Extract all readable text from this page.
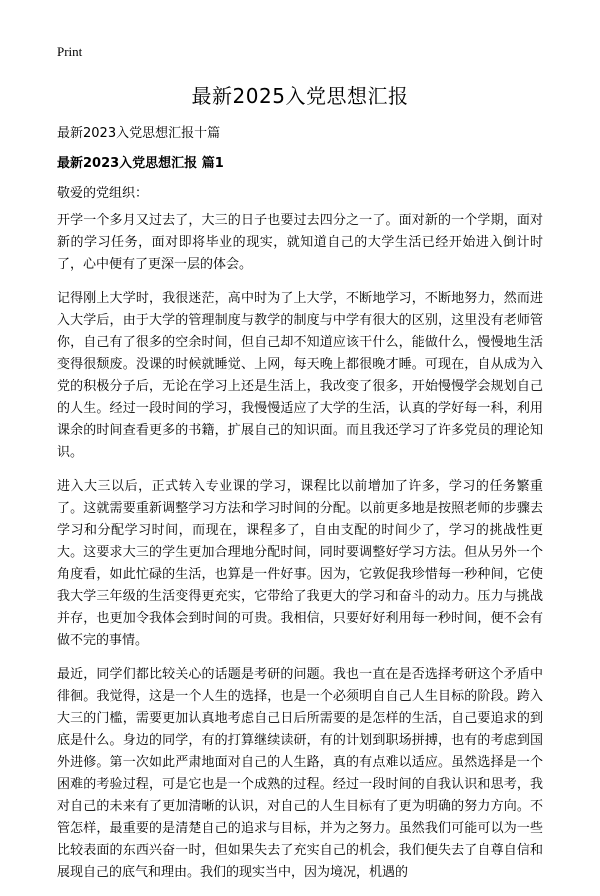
Print
最新2025入党思想汇报
最新2023入党思想汇报十篇
最新2023入党思想汇报 篇1
敬爱的党组织：

开学一个多月又过去了，大三的日子也要过去四分之一了。面对新的一个学期，面对新的学习任务，面对即将毕业的现实，就知道自己的大学生活已经开始进入倒计时了，心中便有了更深一层的体会。

记得刚上大学时，我很迷茫，高中时为了上大学，不断地学习，不断地努力，然而进入大学后，由于大学的管理制度与教学的制度与中学有很大的区别，这里没有老师管你，自己有了很多的空余时间，但自己却不知道应该干什么，能做什么，慢慢地生活变得很颓废。没课的时候就睡觉、上网，每天晚上都很晚才睡。可现在，自从成为入党的积极分子后，无论在学习上还是生活上，我改变了很多，开始慢慢学会规划自己的人生。经过一段时间的学习，我慢慢适应了大学的生活，认真的学好每一科，利用课余的时间查看更多的书籍，扩展自己的知识面。而且我还学习了许多党员的理论知识。

进入大三以后，正式转入专业课的学习，课程比以前增加了许多，学习的任务繁重了。这就需要重新调整学习方法和学习时间的分配。以前更多地是按照老师的步骤去学习和分配学习时间，而现在，课程多了，自由支配的时间少了，学习的挑战性更大。这要求大三的学生更加合理地分配时间，同时要调整好学习方法。但从另外一个角度看，如此忙碌的生活，也算是一件好事。因为，它敦促我珍惜每一秒种间，它使我大学三年级的生活变得更充实，它带给了我更大的学习和奋斗的动力。压力与挑战并存，也更加令我体会到时间的可贵。我相信，只要好好利用每一秒时间，便不会有做不完的事情。

最近，同学们都比较关心的话题是考研的问题。我也一直在是否选择考研这个矛盾中徘徊。我觉得，这是一个人生的选择，也是一个必须明自自己人生目标的阶段。跨入大三的门槛，需要更加认真地考虑自己日后所需要的是怎样的生活，自己要追求的到底是什么。身边的同学，有的打算继续读研，有的计划到职场拼搏，也有的考虑到国外进修。第一次如此严肃地面对自己的人生路，真的有点难以适应。虽然选择是一个困难的考验过程，可是它也是一个成熟的过程。经过一段时间的自我认识和思考，我对自己的未来有了更加清晰的认识，对自己的人生目标有了更为明确的努力方向。不管怎样，最重要的是清楚自己的追求与目标，并为之努力。虽然我们可能可以为一些比较表面的东西兴奋一时，但如果失去了充实自己的机会，我们便失去了自尊自信和展现自己的底气和理由。我们的现实当中，因为境况，机遇的
